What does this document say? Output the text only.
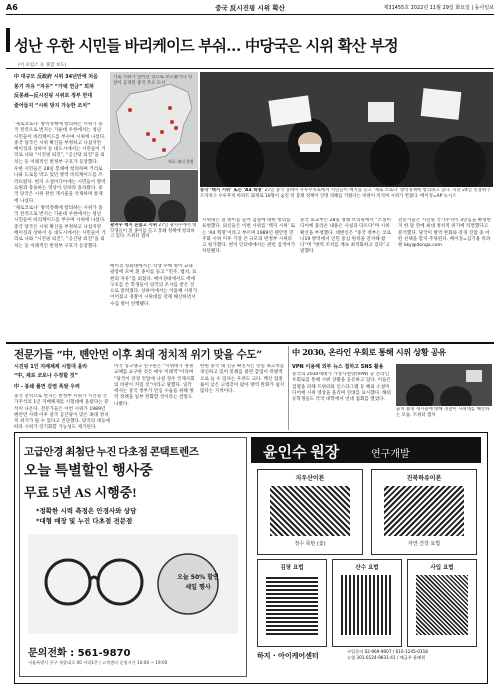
A6	중국 反시진핑 시위 확산	제31455호 2022년 11월 29일 화요일 | 동아일보
성난 우한 시민들 바리케이드 부숴… 中당국은 시위 확산 부정
(이 포럼스 등 종합 보도)
中 대규모 反政府 시위 34년만에 처음
봉기 자유 “자유” “가택 연금” 외쳐
反봉쇄—反시진핑 시위로 정부 반대
줄어들지 “시위 방지 가능한 조치”

‘제로코로나’ 방역정책에 항의하는 시위가 중국 전역으로 번지는 가운데 우한에서는 성난 시민들이 바리케이드를 부수며 시위에 나섰다. 중국 당국은 시위 확산을 부정하고 나섰지만 베이징과 상하이 등 대도시에서는 시민들이 거리로 나와 “시진핑 퇴진”, “공산당 퇴진”을 외치는 등 이례적인 반정부 구호가 등장했다.

우한 시민들은 28일 봉쇄에 항의하며 거리로 나와 도로를 막고 있던 방역 바리케이드를 쓰러뜨렸다. 현지 소셜미디어에는 시민들이 방역요원과 충돌하는 영상이 잇따라 올라왔다. 중국 당국은 시위 관련 게시물을 삭제하며 통제에 나섰다.

‘제로코로나’ 방역정책에 항의하는 시위가 중국 전역으로 번지는 가운데 우한에서는 성난 시민들이 바리케이드를 부수며 시위에 나섰다. 중국 당국은 시위 확산을 부정하고 나섰지만 베이징과 상하이 등 대도시에서는 시민들이 거리로 나와 “시진핑 퇴진”, “공산당 퇴진”을 외치는 등 이례적인 반정부 구호가 등장했다.

가로 시위가 일어난 것으로 보도됐거나 영상이 공개된 중국 주요 도시
자료: 외신 종합
광저우 백지 흔들고 시위 27일 광저우에서 대학생들이 흰 종이를 들고 봉쇄 정책에 항의하고 있다. 트위터 캡처
중국 ‘백지 시위’ 또는 ‘A4 혁명’ 27일 중국 상하이 우루무치로에서 시민들이 백지를 들고 ‘제로 코로나’ 방역정책에 항의하고 있다. 지난 24일 신장위구르자치구 우루무치 아파트 화재로 10명이 숨진 뒤 봉쇄 정책이 인명 피해를 키웠다는 비판이 커지며 시위가 번졌다. 베이징=AP 뉴시스
베이징 칭화대에서는 학생 수백 명이 교내 광장에 모여 흰 종이를 들고 “민주, 법치, 표현의 자유”를 외쳤다. 베이징대에서도 벽에 구호를 쓴 학생들이 당국의 조사를 받은 것으로 알려졌다. 상하이에서는 이틀째 시위가 이어졌고 경찰이 시위대를 강제 해산하면서 수십 명이 연행됐다.
시위대는 흰 종이를 들어 검열에 대한 항의를 표현했다. 외신들은 이번 시위를 ‘백지 시위’ 또는 ‘A4 혁명’이라고 부르며 1989년 톈안먼 민주화 시위 이후 가장 큰 규모의 반정부 시위라고 평가했다. 현지 인터넷에서는 관련 검색어가 차단됐다.
중국 외교부는 28일 정례 브리핑에서 “소셜미디어에 올라온 내용은 사실과 다르다”며 시위 확산을 부정했다. 대변인은 “중국 정부는 코로나19 방역에서 인민 중심 원칙을 견지해 왔다”며 “방역 조치를 계속 최적화하고 있다”고 말했다.
전문가들은 시진핑 국가주석이 3연임을 확정한 지 한 달 만에 최대 정치적 위기에 직면했다고 분석했다. 당국이 방역 완화와 강경 진압 중 어떤 선택을 할지 주목된다. 베이징=김기용 특파원 kky@donga.com
전문가들 “中, 톈안먼 이후 최대 정치적 위기 맞을 수도”
시진핑 1인 지배체제 시험대 올라
“中, 제로 코로나 수정할 것”
中 - 봉쇄 풀면 감염 폭발 우려
중국 전역으로 번지는 반정부 시위가 시진핑 국가주석의 1인 지배체제를 시험대에 올렸다는 분석이 나온다. 전문가들은 이번 시위가 1989년 톈안먼 사태 이후 중국 공산당이 맞은 최대 정치적 위기가 될 수 있다고 진단했다. 당국의 대응에 따라 시위가 장기화할 가능성도 제기된다.
미국 싱크탱크 연구원은 “시위대가 정권 교체를 요구한 것은 매우 이례적”이라며 “당국이 강경 진압에 나설 경우 국제사회의 비판이 커질 것”이라고 말했다. 일각에서는 중국 정부가 민심 수습을 위해 방역 정책을 일부 완화할 것이라는 전망도 나왔다.
한편 중국 내 신규 확진자는 연일 최고치를 경신하고 있어 봉쇄를 풀면 감염이 폭발적으로 늘 수 있다는 우려도 크다. 백신 접종률이 낮은 고령층이 많아 방역 완화가 쉽지 않다는 지적이다.
中 2030, 온라인 우회로 통해 시위 상황 공유
VPN 이용해 외부 뉴스 접하고 SNS 활용
중국의 2030세대가 가상사설망(VPN) 등 온라인 우회로를 통해 시위 상황을 공유하고 있다. 이들은 검열을 피해 트위터와 인스타그램 등 해외 소셜미디어에 시위 영상을 올리며 연대를 표시했다. 해외 유학생들도 각국 대학에서 연대 집회를 열었다.
출처 불명 게시물에 대해 경찰이 시위대를 해산하는 모습. 트위터 캡처
고급안경 최첨단 누진 다초점 콘택트렌즈
오늘 특별할인 행사중
무료 5년 AS 시행중!
*정확한 시력 측정은 안경사와 상담
*대형 매장 및 누진 다초점 전문점
오늘 50% 할인
세일 행사
문의전화 : 561-9870
서울특별시 중구 세종대로 00 지하1층 | 고객센터 운영시간 10:00 ~ 19:00
윤인수 원장	연구개발
지우산이론
정수 목탄 (숯)
진북하유이론
자연 건강 요법
김장 요법	산수 요법	사입 요법
하지 · 아이케어센터
구입문의 02-969-9007 / 010-1245-0118
농협 301-0124-9631-41 / 예금주 윤혜원
